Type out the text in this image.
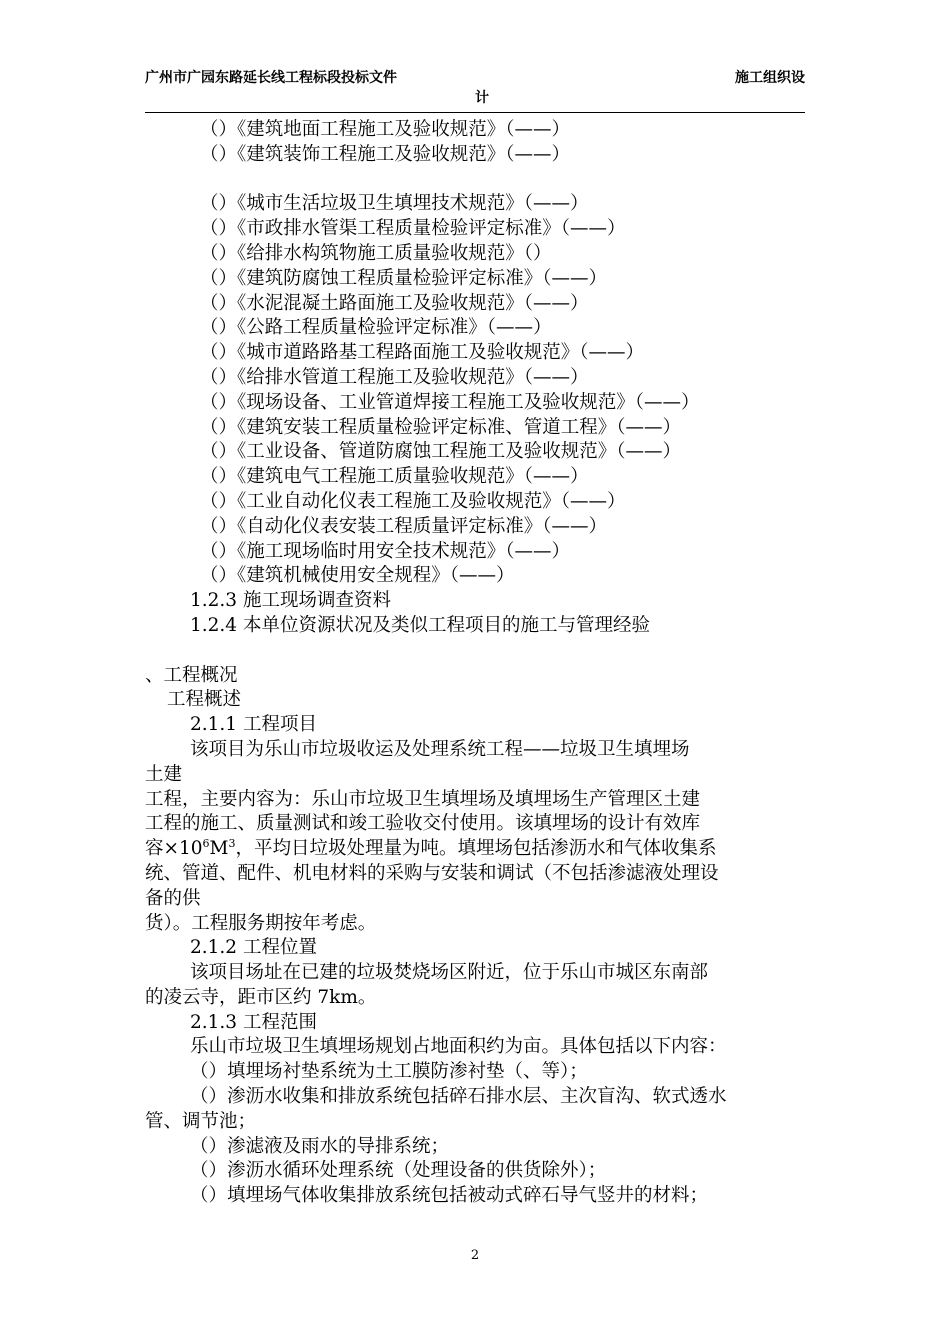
广州市广园东路延长线工程标段投标文件	施工组织设
计
（）《建筑地面工程施工及验收规范》（——）
（）《建筑装饰工程施工及验收规范》（——）
（）《城市生活垃圾卫生填埋技术规范》（——）
（）《市政排水管渠工程质量检验评定标准》（——）
（）《给排水构筑物施工质量验收规范》（）
（）《建筑防腐蚀工程质量检验评定标准》（——）
（）《水泥混凝土路面施工及验收规范》（——）
（）《公路工程质量检验评定标准》（——）
（）《城市道路路基工程路面施工及验收规范》（——）
（）《给排水管道工程施工及验收规范》（——）
（）《现场设备、工业管道焊接工程施工及验收规范》（——）
（）《建筑安装工程质量检验评定标准、管道工程》（——）
（）《工业设备、管道防腐蚀工程施工及验收规范》（——）
（）《建筑电气工程施工质量验收规范》（——）
（）《工业自动化仪表工程施工及验收规范》（——）
（）《自动化仪表安装工程质量评定标准》（——）
（）《施工现场临时用安全技术规范》（——）
（）《建筑机械使用安全规程》（——）
1.2.3 施工现场调查资料
1.2.4 本单位资源状况及类似工程项目的施工与管理经验
、工程概况
工程概述
2.1.1 工程项目
该项目为乐山市垃圾收运及处理系统工程——垃圾卫生填埋场
土建
工程，主要内容为：乐山市垃圾卫生填埋场及填埋场生产管理区土建
工程的施工、质量测试和竣工验收交付使用。该填埋场的设计有效库
容$\times 10^6M^3$，平均日垃圾处理量为吨。填埋场包括渗沥水和气体收集系
统、管道、配件、机电材料的采购与安装和调试（不包括渗滤液处理设
备的供
货）。工程服务期按年考虑。
2.1.2 工程位置
该项目场址在已建的垃圾焚烧场区附近，位于乐山市城区东南部
的凌云寺，距市区约 7km。
2.1.3 工程范围
乐山市垃圾卫生填埋场规划占地面积约为亩。具体包括以下内容：
（）填埋场衬垫系统为土工膜防渗衬垫（、等）；
（）渗沥水收集和排放系统包括碎石排水层、主次盲沟、软式透水
管、调节池；
（）渗滤液及雨水的导排系统；
（）渗沥水循环处理系统（处理设备的供货除外）；
（）填埋场气体收集排放系统包括被动式碎石导气竖井的材料；
2
